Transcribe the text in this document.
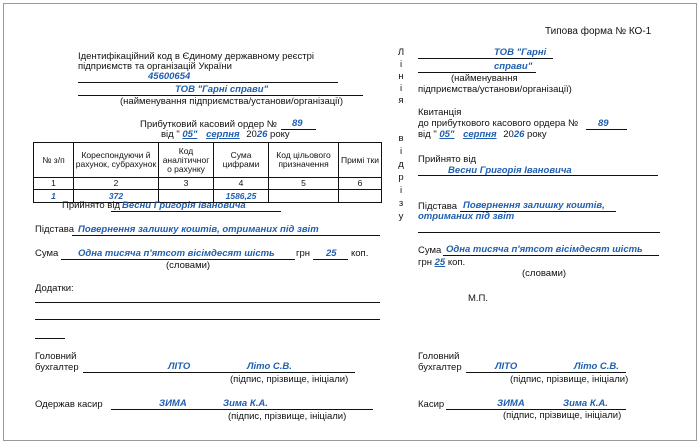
Типова форма № КО-1
Ідентифікаційний код в Єдиному державному реєстрі
підприємств та організацій України
45600654
ТОВ "Гарні справи"
(найменування підприємства/установи/організації)
Прибутковий касовий ордер № 89
від " 05" серпня 2026 року
№ з/п	Кореспондуючи й рахунок, субрахунок	Код аналітичног о рахунку	Сума цифрами	Код цільового призначення	Примі тки
1	2	3	4	5	6
1	372		1586,25		
Прийнято від Весни Григорія Івановича
Підстава Повернення залишку коштів, отриманих під звіт
Сума Одна тисяча п'ятсот вісімдесят шість грн 25 коп.
(словами)
Додатки:
Головний
бухгалтер	ЛІТО	Літо С.В.
(підпис, прізвище, ініціали)
Одержав касир	ЗИМА	Зима К.А.
(підпис, прізвище, ініціали)
Л
і
н
і
я
в
і
д
р
і
з
у
ТОВ "Гарні
справи"
(найменування
підприємства/установи/організації)
Квитанція
до прибуткового касового ордера № 89
від " 05" серпня 2026 року
Прийнято від
Весни Григорія Івановича
Підстава Повернення залишку коштів,
отриманих під звіт
Сума Одна тисяча п'ятсот вісімдесят шість
грн 25 коп.
(словами)
М.П.
Головний
бухгалтер	ЛІТО	Літо С.В.
(підпис, прізвище, ініціали)
Касир	ЗИМА	Зима К.А.
(підпис, прізвище, ініціали)
